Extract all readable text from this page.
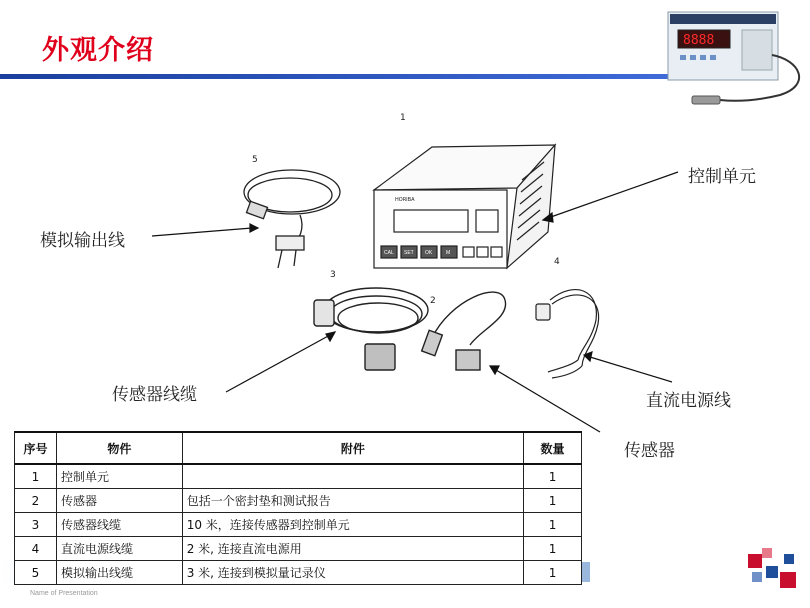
外观介绍	8888
HORIBA
CAL SET OK	M
1
5
3
2
4
控制单元
模拟输出线
传感器线缆	直流电源线
传感器
序号	物件	附件	数量
1	控制单元		1
2	传感器	包括一个密封垫和测试报告	1
3	传感器线缆	10 米，连接传感器到控制单元	1
4	直流电源线缆	2 米, 连接直流电源用	1
5	模拟输出线缆	3 米, 连接到模拟量记录仪	1
Name of Presentation
